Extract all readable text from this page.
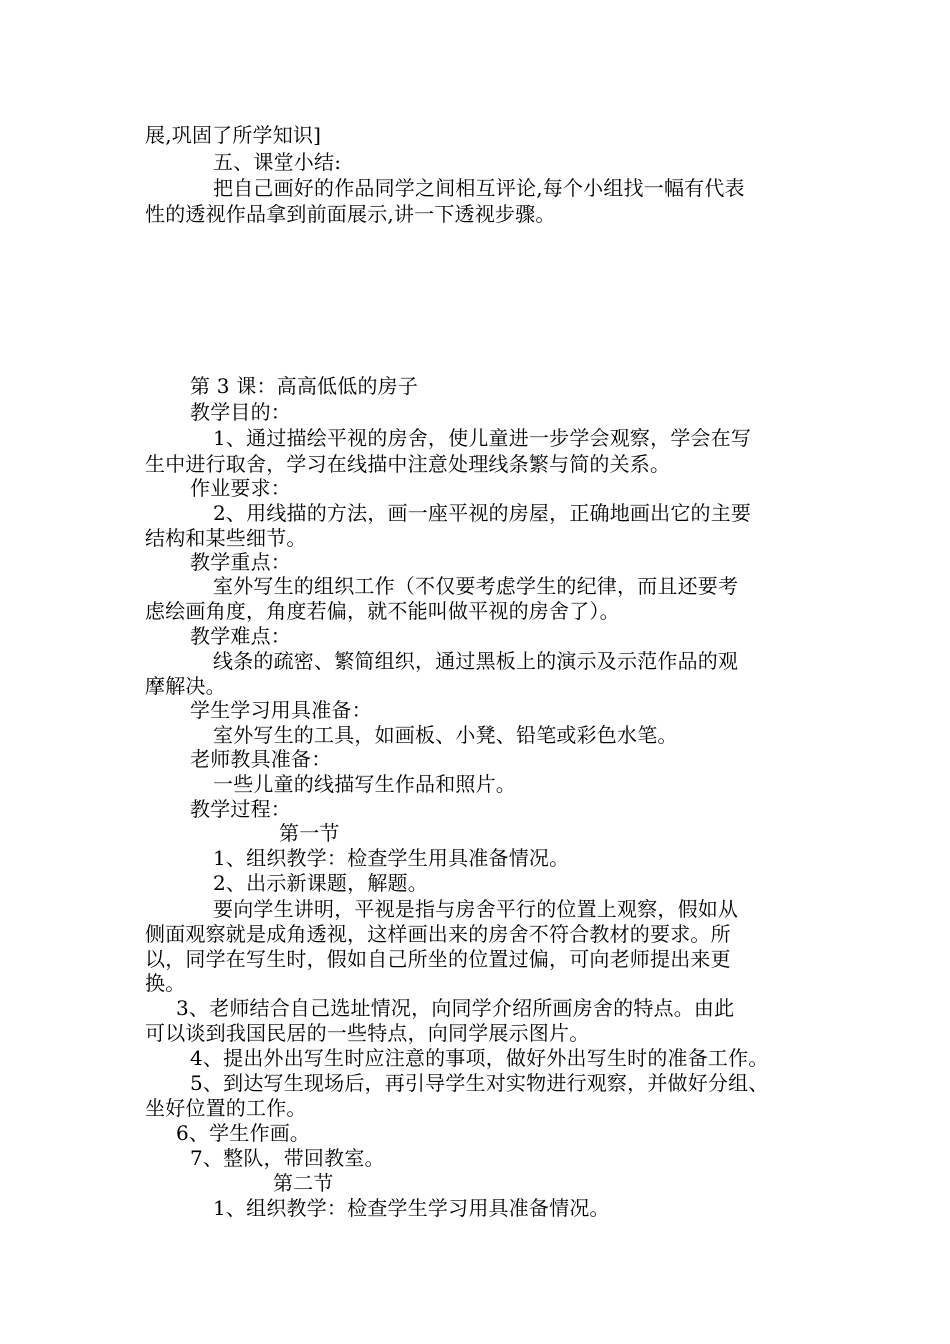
展,巩固了所学知识]
五、课堂小结:
把自己画好的作品同学之间相互评论,每个小组找一幅有代表
性的透视作品拿到前面展示,讲一下透视步骤。
第 3 课：高高低低的房子
教学目的：
1、通过描绘平视的房舍，使儿童进一步学会观察，学会在写
生中进行取舍，学习在线描中注意处理线条繁与简的关系。
作业要求：
2、用线描的方法，画一座平视的房屋，正确地画出它的主要
结构和某些细节。
教学重点：
室外写生的组织工作（不仅要考虑学生的纪律，而且还要考
虑绘画角度，角度若偏，就不能叫做平视的房舍了）。
教学难点：
线条的疏密、繁简组织，通过黑板上的演示及示范作品的观
摩解决。
学生学习用具准备：
室外写生的工具，如画板、小凳、铅笔或彩色水笔。
老师教具准备：
一些儿童的线描写生作品和照片。
教学过程：
第一节
1、组织教学：检查学生用具准备情况。
2、出示新课题，解题。
要向学生讲明，平视是指与房舍平行的位置上观察，假如从
侧面观察就是成角透视，这样画出来的房舍不符合教材的要求。所
以，同学在写生时，假如自己所坐的位置过偏，可向老师提出来更
换。
3、老师结合自己选址情况，向同学介绍所画房舍的特点。由此
可以谈到我国民居的一些特点，向同学展示图片。
4、提出外出写生时应注意的事项，做好外出写生时的准备工作。
5、到达写生现场后，再引导学生对实物进行观察，并做好分组、
坐好位置的工作。
6、学生作画。
7、整队，带回教室。
第二节
1、组织教学：检查学生学习用具准备情况。
